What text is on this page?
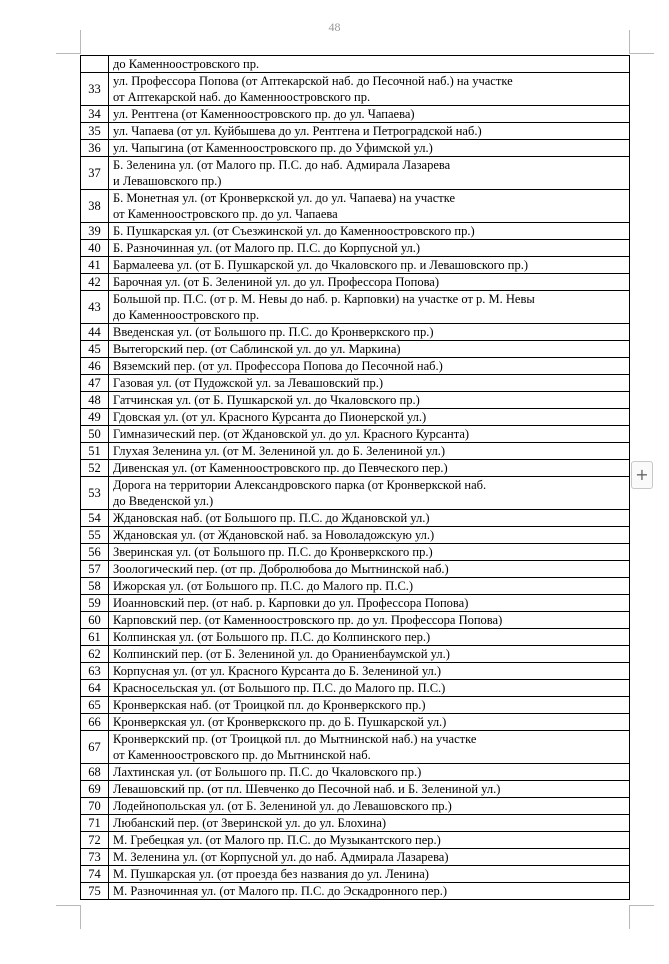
48
+

	до Каменноостровского пр.

33	ул. Профессора Попова (от Аптекарской наб. до Песочной наб.) на участке
от Аптекарской наб. до Каменноостровского пр.

34	ул. Рентгена (от Каменноостровского пр. до ул. Чапаева)

35	ул. Чапаева (от ул. Куйбышева до ул. Рентгена и Петроградской наб.)

36	ул. Чапыгина (от Каменноостровского пр. до Уфимской ул.)

37	Б. Зеленина ул. (от Малого пр. П.С. до наб. Адмирала Лазарева
и Левашовского пр.)

38	Б. Монетная ул. (от Кронверкской ул. до ул. Чапаева) на участке
от Каменноостровского пр. до ул. Чапаева

39	Б. Пушкарская ул. (от Съезжинской ул. до Каменноостровского пр.)

40	Б. Разночинная ул. (от Малого пр. П.С. до Корпусной ул.)

41	Бармалеева ул. (от Б. Пушкарской ул. до Чкаловского пр. и Левашовского пр.)

42	Барочная ул. (от Б. Зелениной ул. до ул. Профессора Попова)

43	Большой пр. П.С. (от р. М. Невы до наб. р. Карповки) на участке от р. М. Невы
до Каменноостровского пр.

44	Введенская ул. (от Большого пр. П.С. до Кронверкского пр.)

45	Вытегорский пер. (от Саблинской ул. до ул. Маркина)

46	Вяземский пер. (от ул. Профессора Попова до Песочной наб.)

47	Газовая ул. (от Пудожской ул. за Левашовский пр.)

48	Гатчинская ул. (от Б. Пушкарской ул. до Чкаловского пр.)

49	Гдовская ул. (от ул. Красного Курсанта до Пионерской ул.)

50	Гимназический пер. (от Ждановской ул. до ул. Красного Курсанта)

51	Глухая Зеленина ул. (от М. Зелениной ул. до Б. Зелениной ул.)

52	Дивенская ул. (от Каменноостровского пр. до Певческого пер.)

53	Дорога на территории Александровского парка (от Кронверкской наб.
до Введенской ул.)

54	Ждановская наб. (от Большого пр. П.С. до Ждановской ул.)

55	Ждановская ул. (от Ждановской наб. за Новоладожскую ул.)

56	Зверинская ул. (от Большого пр. П.С. до Кронверкского пр.)

57	Зоологический пер. (от пр. Добролюбова до Мытнинской наб.)

58	Ижорская ул. (от Большого пр. П.С. до Малого пр. П.С.)

59	Иоанновский пер. (от наб. р. Карповки до ул. Профессора Попова)

60	Карповский пер. (от Каменноостровского пр. до ул. Профессора Попова)

61	Колпинская ул. (от Большого пр. П.С. до Колпинского пер.)

62	Колпинский пер. (от Б. Зелениной ул. до Ораниенбаумской ул.)

63	Корпусная ул. (от ул. Красного Курсанта до Б. Зелениной ул.)

64	Красносельская ул. (от Большого пр. П.С. до Малого пр. П.С.)

65	Кронверкская наб. (от Троицкой пл. до Кронверкского пр.)

66	Кронверкская ул. (от Кронверкского пр. до Б. Пушкарской ул.)

67	Кронверкский пр. (от Троицкой пл. до Мытнинской наб.) на участке
от Каменноостровского пр. до Мытнинской наб.

68	Лахтинская ул. (от Большого пр. П.С. до Чкаловского пр.)

69	Левашовский пр. (от пл. Шевченко до Песочной наб. и Б. Зелениной ул.)

70	Лодейнопольская ул. (от Б. Зелениной ул. до Левашовского пр.)

71	Любанский пер. (от Зверинской ул. до ул. Блохина)

72	М. Гребецкая ул. (от Малого пр. П.С. до Музыкантского пер.)

73	М. Зеленина ул. (от Корпусной ул. до наб. Адмирала Лазарева)

74	М. Пушкарская ул. (от проезда без названия до ул. Ленина)

75	М. Разночинная ул. (от Малого пр. П.С. до Эскадронного пер.)
